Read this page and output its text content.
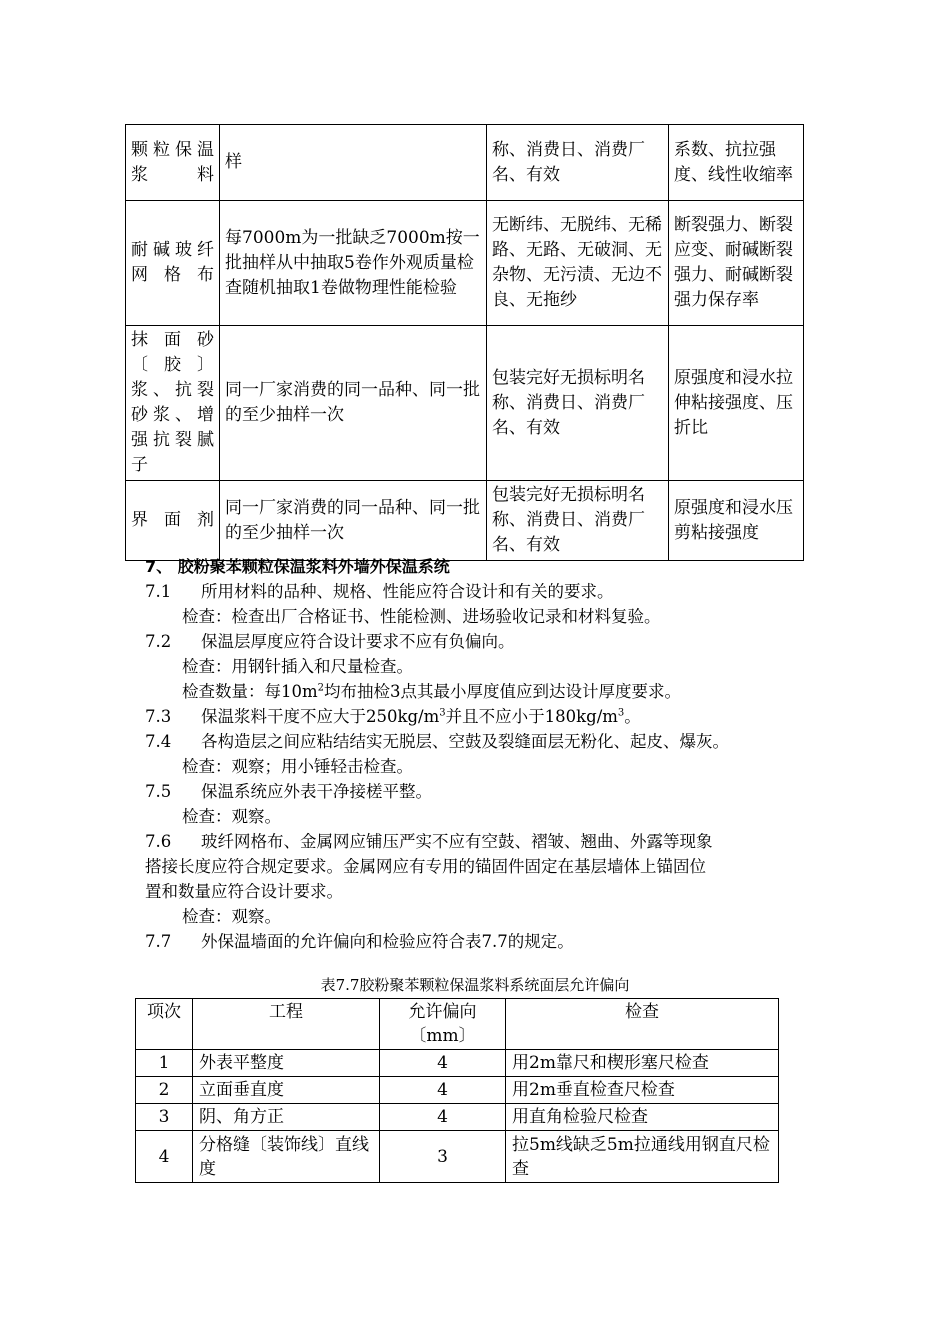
颗粒保温浆料	样	称、消费日、消费厂名、有效	系数、抗拉强度、线性收缩率
耐碱玻纤网格布	每7000m为一批缺乏7000m按一批抽样从中抽取5卷作外观质量检查随机抽取1卷做物理性能检验	无断纬、无脱纬、无稀路、无路、无破洞、无杂物、无污渍、无边不良、无拖纱	断裂强力、断裂应变、耐碱断裂强力、耐碱断裂强力保存率
抹面砂〔胶〕浆、抗裂砂浆、增强抗裂腻子	同一厂家消费的同一品种、同一批的至少抽样一次	包装完好无损标明名称、消费日、消费厂名、有效	原强度和浸水拉伸粘接强度、压折比
界面剂	同一厂家消费的同一品种、同一批的至少抽样一次	包装完好无损标明名称、消费日、消费厂名、有效	原强度和浸水压剪粘接强度
7、 胶粉聚苯颗粒保温浆料外墙外保温系统
7.1 所用材料的品种、规格、性能应符合设计和有关的要求。
检查：检查出厂合格证书、性能检测、进场验收记录和材料复验。
7.2 保温层厚度应符合设计要求不应有负偏向。
检查：用钢针插入和尺量检查。
检查数量：每$10m^2$均布抽检3点其最小厚度值应到达设计厚度要求。
7.3 保温浆料干度不应大于$250kg/m^3$并且不应小于$180kg/m^3$。
7.4 各构造层之间应粘结结实无脱层、空鼓及裂缝面层无粉化、起皮、爆灰。
检查：观察；用小锤轻击检查。
7.5 保温系统应外表干净接槎平整。
检查：观察。
7.6 玻纤网格布、金属网应铺压严实不应有空鼓、褶皱、翘曲、外露等现象
搭接长度应符合规定要求。金属网应有专用的锚固件固定在基层墙体上锚固位
置和数量应符合设计要求。
检查：观察。
7.7 外保温墙面的允许偏向和检验应符合表7.7的规定。
表7.7胶粉聚苯颗粒保温浆料系统面层允许偏向
项次	工程	允许偏向〔mm〕	检查
1	外表平整度	4	用2m靠尺和楔形塞尺检查
2	立面垂直度	4	用2m垂直检查尺检查
3	阴、角方正	4	用直角检验尺检查
4	分格缝〔装饰线〕直线度	3	拉5m线缺乏5m拉通线用钢直尺检查
